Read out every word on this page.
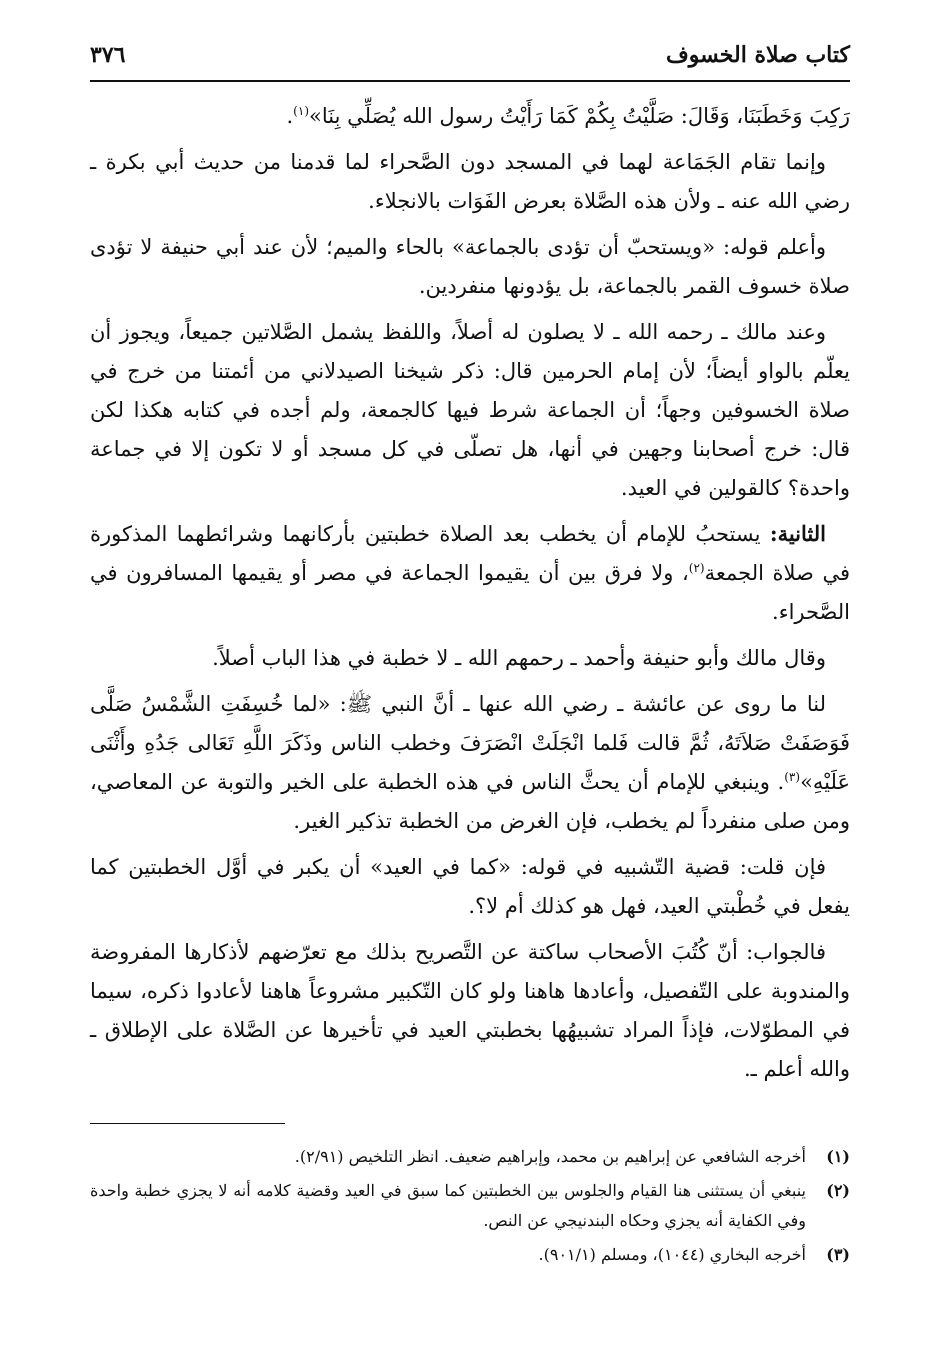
كتاب صلاة الخسوف
٣٧٦

رَكِبَ وَخَطَبَنَا، وَقَالَ: صَلَّيْتُ بِكُمْ كَمَا رَأَيْتُ رسول الله يُصَلِّي بِنَا»$^{(١)}$.

وإنما تقام الجَمَاعة لهما في المسجد دون الصَّحراء لما قدمنا من حديث أبي بكرة ـ رضي الله عنه ـ ولأن هذه الصَّلاة بعرض الفَوَات بالانجلاء.

وأعلم قوله: «ويستحبّ أن تؤدى بالجماعة» بالحاء والميم؛ لأن عند أبي حنيفة لا تؤدى صلاة خسوف القمر بالجماعة، بل يؤدونها منفردين.

وعند مالك ـ رحمه الله ـ لا يصلون له أصلاً، واللفظ يشمل الصَّلاتين جميعاً، ويجوز أن يعلّم بالواو أيضاً؛ لأن إمام الحرمين قال: ذكر شيخنا الصيدلاني من أئمتنا من خرج في صلاة الخسوفين وجهاً؛ أن الجماعة شرط فيها كالجمعة، ولم أجده في كتابه هكذا لكن قال: خرج أصحابنا وجهين في أنها، هل تصلّى في كل مسجد أو لا تكون إلا في جماعة واحدة؟ كالقولين في العيد.

الثانية: يستحبُ للإمام أن يخطب بعد الصلاة خطبتين بأركانهما وشرائطهما المذكورة في صلاة الجمعة$^{(٢)}$، ولا فرق بين أن يقيموا الجماعة في مصر أو يقيمها المسافرون في الصَّحراء.

وقال مالك وأبو حنيفة وأحمد ـ رحمهم الله ـ لا خطبة في هذا الباب أصلاً.

لنا ما روى عن عائشة ـ رضي الله عنها ـ أنَّ النبي ﷺ: «لما خُسِفَتِ الشَّمْسُ صَلَّى فَوَصَفَتْ صَلاَتَهُ، ثُمَّ قالت فَلما انْجَلَتْ انْصَرَفَ وخطب الناس وذَكَرَ اللَّهِ تَعَالى جَدُهِ وأَثْنَى عَلَيْهِ»$^{(٣)}$. وينبغي للإمام أن يحثَّ الناس في هذه الخطبة على الخير والتوبة عن المعاصي، ومن صلى منفرداً لم يخطب، فإن الغرض من الخطبة تذكير الغير.

فإن قلت: قضية التّشبيه في قوله: «كما في العيد» أن يكبر في أوَّل الخطبتين كما يفعل في خُطْبتي العيد، فهل هو كذلك أم لا؟.

فالجواب: أنّ كُتُبَ الأصحاب ساكتة عن التَّصريح بذلك مع تعرّضهم لأذكارها المفروضة والمندوبة على التّفصيل، وأعادها هاهنا ولو كان التّكبير مشروعاً هاهنا لأعادوا ذكره، سيما في المطوّلات، فإذاً المراد تشبيهُها بخطبتي العيد في تأخيرها عن الصَّلاة على الإطلاق ـ والله أعلم ـ.

(١)
أخرجه الشافعي عن إبراهيم بن محمد، وإبراهيم ضعيف. انظر التلخيص (٢/٩١).
(٢)
ينبغي أن يستثنى هنا القيام والجلوس بين الخطبتين كما سبق في العيد وقضية كلامه أنه لا يجزي خطبة واحدة وفي الكفاية أنه يجزي وحكاه البندنيجي عن النص.
(٣)
أخرجه البخاري (١٠٤٤)، ومسلم (٩٠١/١).
